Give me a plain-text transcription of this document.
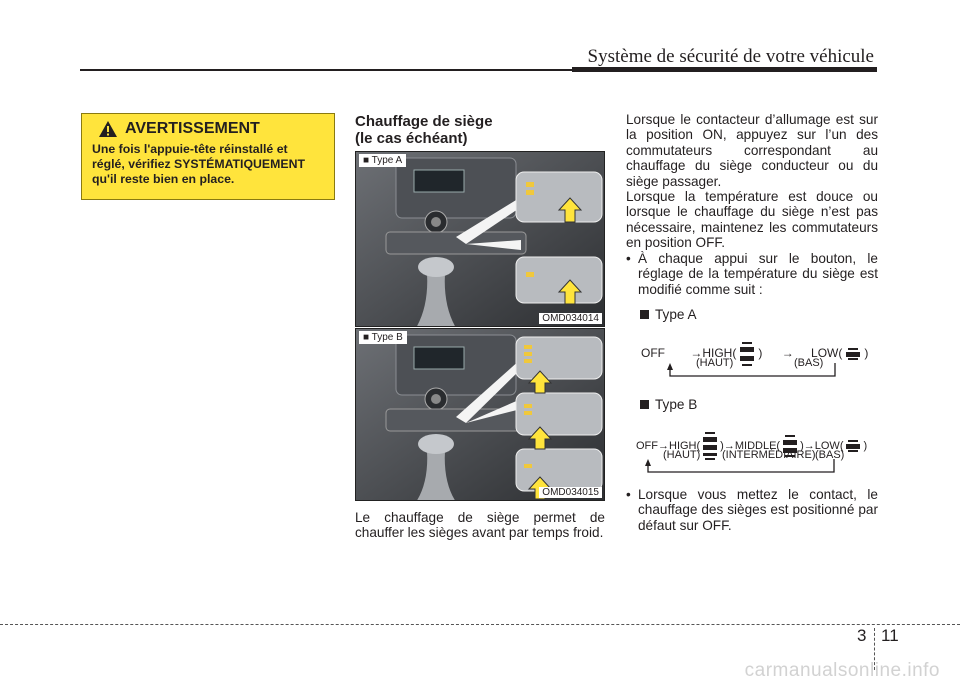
Système de sécurité de votre véhicule
AVERTISSEMENT
Une fois l'appuie-tête réinstallé et
réglé, vérifiez SYSTÉMATIQUEMENT
qu'il reste bien en place.
Chauffage de siège
(le cas échéant)
■ Type A
OMD034014
■ Type B
OMD034015
Le chauffage de siège permet de chauffer les sièges avant par temps froid.
Lorsque le contacteur d’allumage est sur la position ON, appuyez sur l’un des commutateurs correspondant au chauffage du siège conducteur ou du siège passager.
Lorsque la température est douce ou lorsque le chauffage du siège n’est pas nécessaire, maintenez les commutateurs en position OFF.
• À chaque appui sur le bouton, le réglage de la température du siège est modifié comme suit :
Type A
OFF →HIGH( ) → LOW( )
(HAUT)	(BAS)
Type B
OFF→HIGH( )→MIDDLE( )→LOW( )
(HAUT) (INTERMÉDIAIRE) (BAS)
• Lorsque vous mettez le contact, le chauffage des sièges est positionné par défaut sur OFF.
3 11
carmanualsonline.info
